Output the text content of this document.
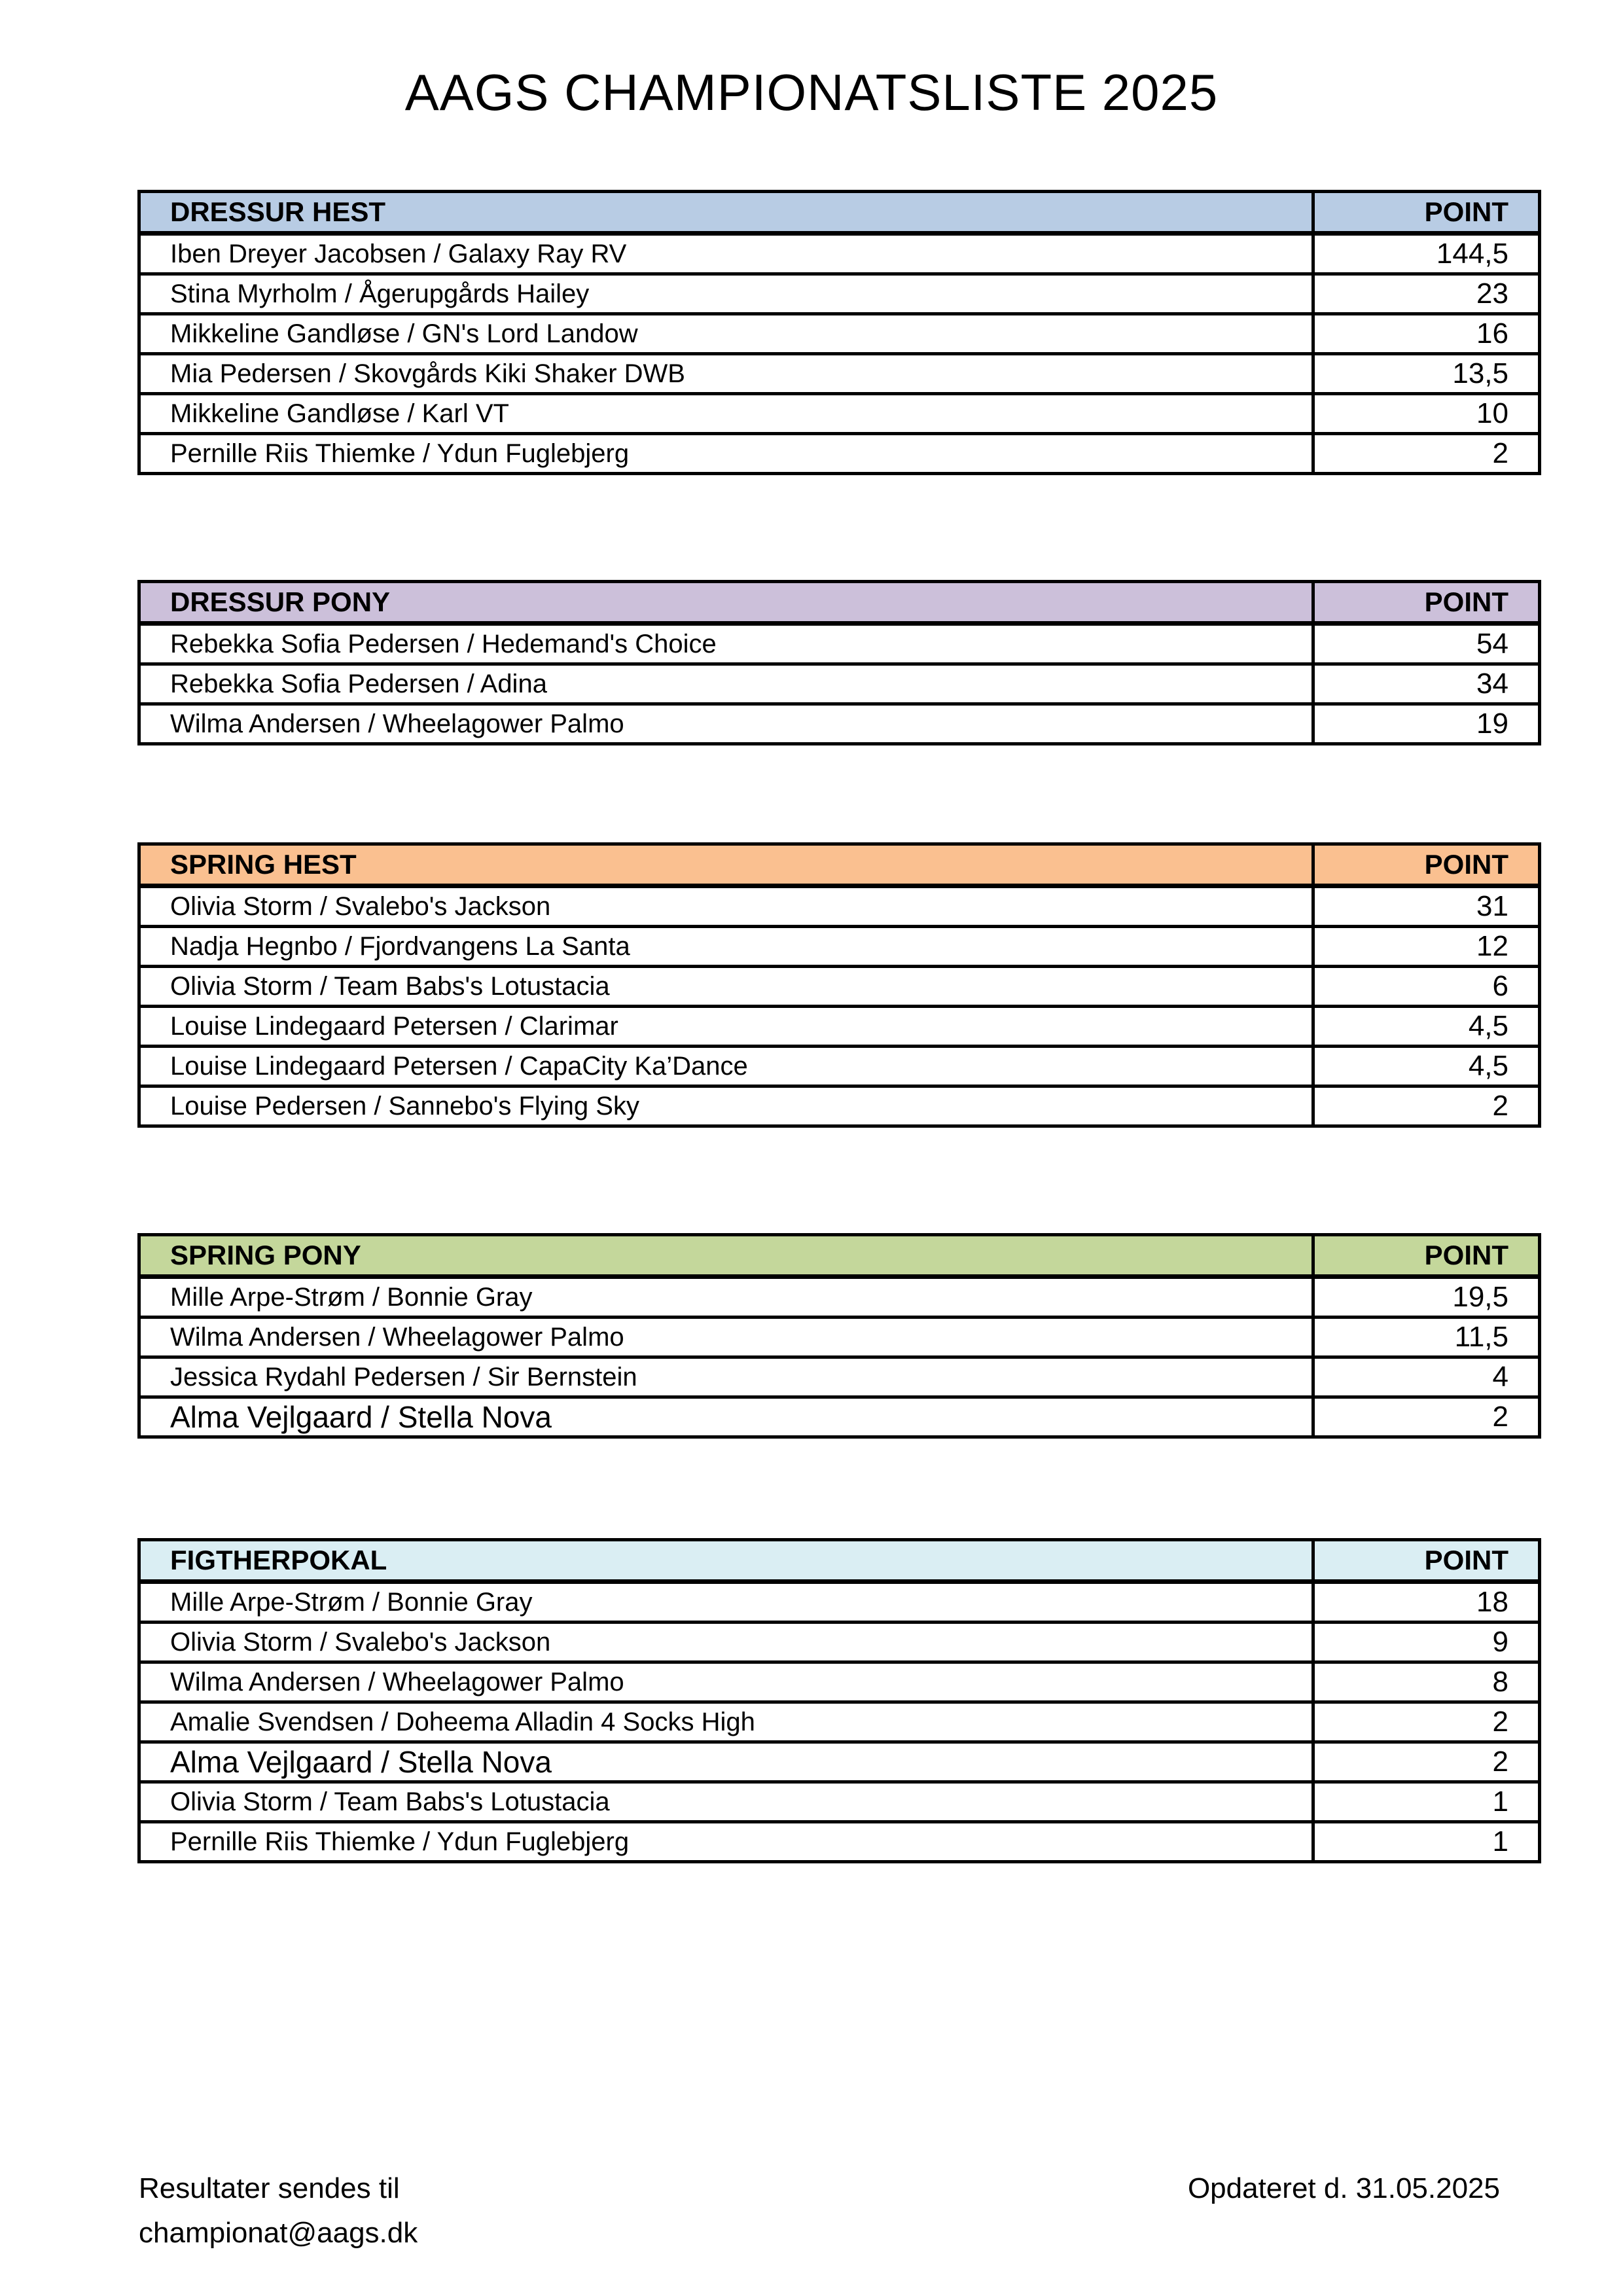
AAGS CHAMPIONATSLISTE 2025
DRESSUR HEST	POINT
Iben Dreyer Jacobsen / Galaxy Ray RV	144,5
Stina Myrholm / Ågerupgårds Hailey	23
Mikkeline Gandløse / GN's Lord Landow	16
Mia Pedersen / Skovgårds Kiki Shaker DWB	13,5
Mikkeline Gandløse / Karl VT	10
Pernille Riis Thiemke / Ydun Fuglebjerg	2
DRESSUR PONY	POINT
Rebekka Sofia Pedersen / Hedemand's Choice	54
Rebekka Sofia Pedersen / Adina	34
Wilma Andersen / Wheelagower Palmo	19
SPRING HEST	POINT
Olivia Storm / Svalebo's Jackson	31
Nadja Hegnbo / Fjordvangens La Santa	12
Olivia Storm / Team Babs's Lotustacia	6
Louise Lindegaard Petersen / Clarimar	4,5
Louise Lindegaard Petersen / CapaCity Ka’Dance	4,5
Louise Pedersen / Sannebo's Flying Sky	2
SPRING PONY	POINT
Mille Arpe-Strøm / Bonnie Gray	19,5
Wilma Andersen / Wheelagower Palmo	11,5
Jessica Rydahl Pedersen / Sir Bernstein	4
Alma Vejlgaard / Stella Nova	2
FIGTHERPOKAL	POINT
Mille Arpe-Strøm / Bonnie Gray	18
Olivia Storm / Svalebo's Jackson	9
Wilma Andersen / Wheelagower Palmo	8
Amalie Svendsen / Doheema Alladin 4 Socks High	2
Alma Vejlgaard / Stella Nova	2
Olivia Storm / Team Babs's Lotustacia	1
Pernille Riis Thiemke / Ydun Fuglebjerg	1
Resultater sendes til
championat@aags.dk
Opdateret d. 31.05.2025
